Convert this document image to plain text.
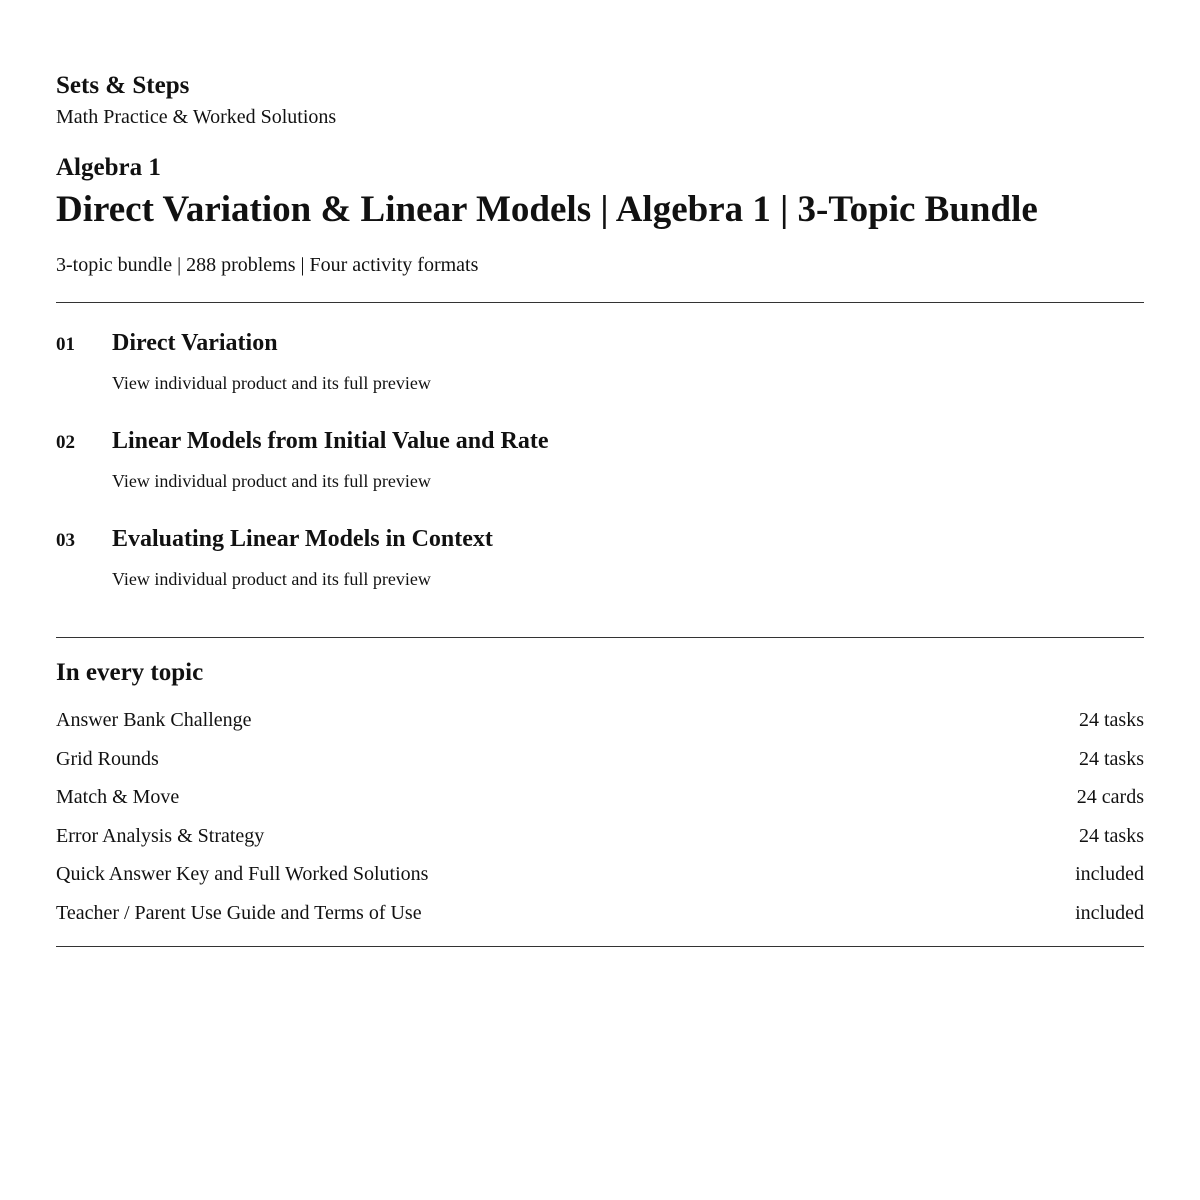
Sets & Steps
Math Practice & Worked Solutions
Algebra 1
Direct Variation & Linear Models | Algebra 1 | 3-Topic Bundle
3-topic bundle | 288 problems | Four activity formats
01 Direct Variation
View individual product and its full preview
02 Linear Models from Initial Value and Rate
View individual product and its full preview
03 Evaluating Linear Models in Context
View individual product and its full preview
In every topic
Answer Bank Challenge	24 tasks
Grid Rounds	24 tasks
Match & Move	24 cards
Error Analysis & Strategy	24 tasks
Quick Answer Key and Full Worked Solutions	included
Teacher / Parent Use Guide and Terms of Use	included
